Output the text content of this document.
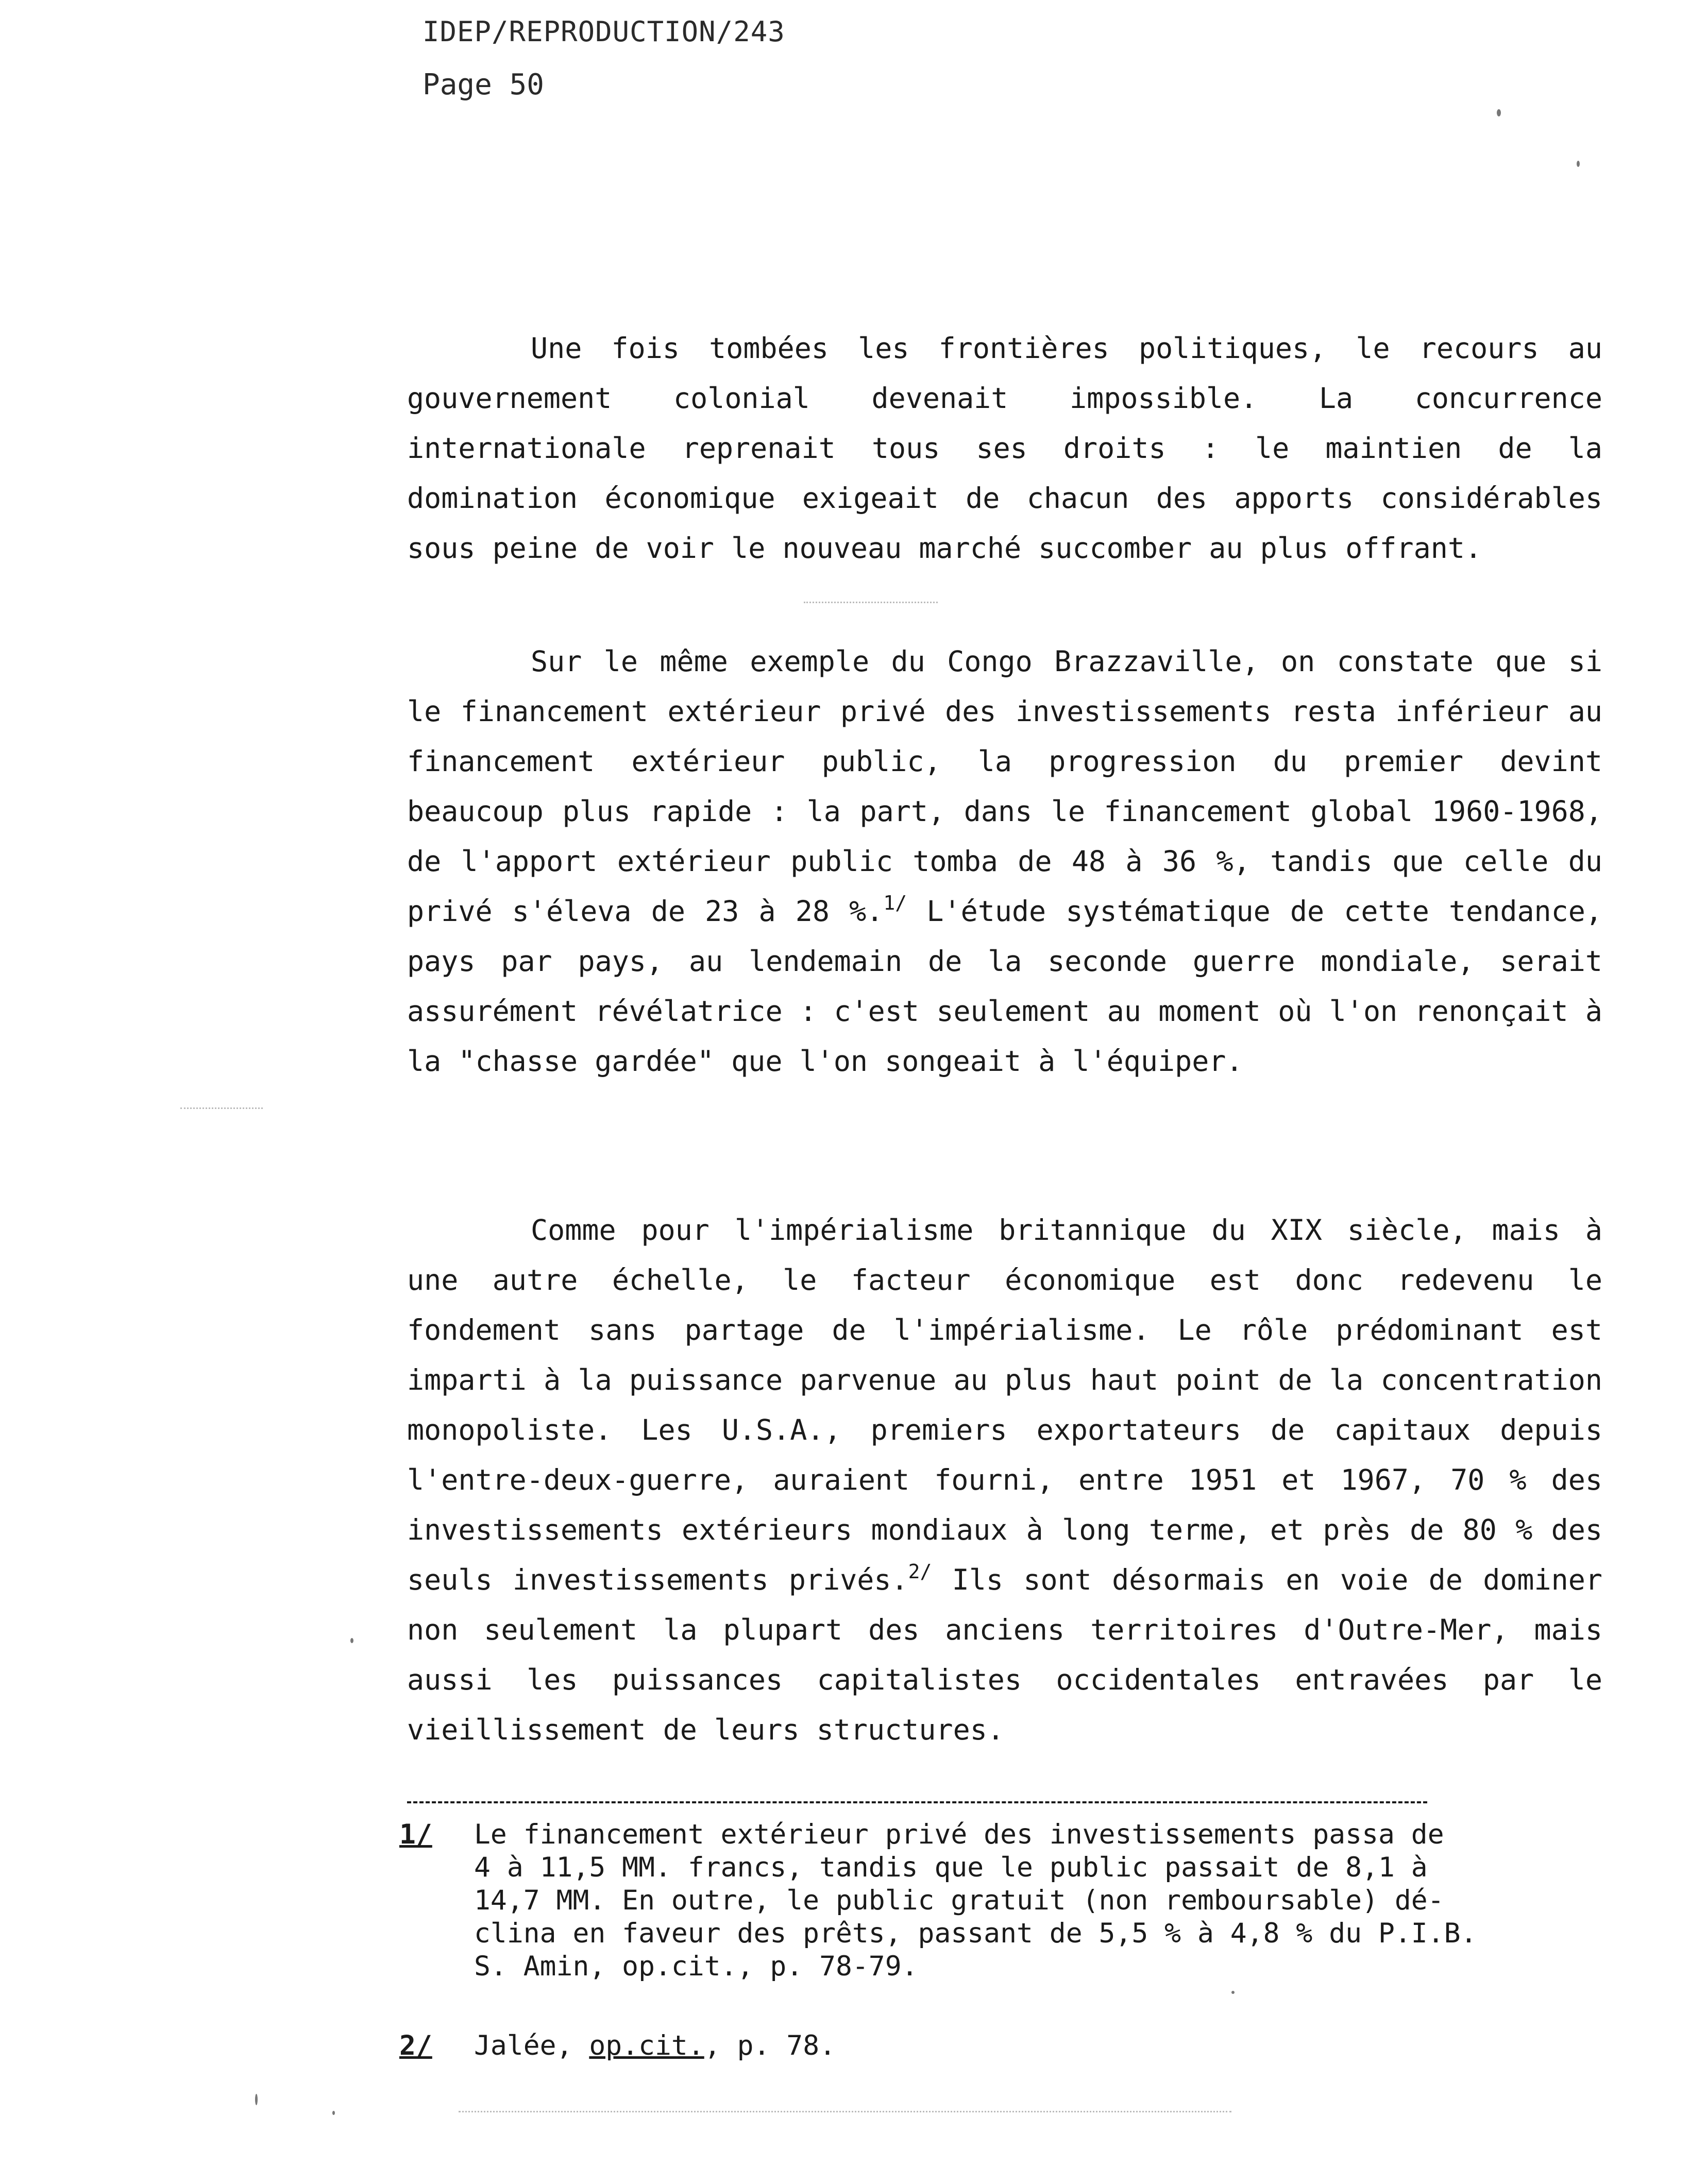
IDEP/REPRODUCTION/243
Page 50

Une fois tombées les frontières politiques, le recours au gouvernement colonial devenait impossible. La concurrence internationale reprenait tous ses droits : le maintien de la domination économique exigeait de chacun des apports considérables sous peine de voir le nouveau marché succomber au plus offrant.

Sur le même exemple du Congo Brazzaville, on constate que si le financement extérieur privé des investissements resta inférieur au financement extérieur public, la progression du premier devint beaucoup plus rapide : la part, dans le financement global 1960-1968, de l'apport extérieur public tomba de 48 à 36 %, tandis que celle du privé s'éleva de 23 à 28 %.$^{1/}$ L'étude systématique de cette tendance, pays par pays, au lendemain de la seconde guerre mondiale, serait assurément révélatrice : c'est seulement au moment où l'on renonçait à la "chasse gardée" que l'on songeait à l'équiper.

Comme pour l'impérialisme britannique du XIX siècle, mais à une autre échelle, le facteur économique est donc redevenu le fondement sans partage de l'impérialisme. Le rôle prédominant est imparti à la puissance parvenue au plus haut point de la concentration monopoliste. Les U.S.A., premiers exportateurs de capitaux depuis l'entre-deux-guerre, auraient fourni, entre 1951 et 1967, 70 % des investissements extérieurs mondiaux à long terme, et près de 80 % des seuls investissements privés.$^{2/}$ Ils sont désormais en voie de dominer non seulement la plupart des anciens territoires d'Outre-Mer, mais aussi les puissances capitalistes occidentales entravées par le vieillissement de leurs structures.

1/	Le financement extérieur privé des investissements passa de
4 à 11,5 MM. francs, tandis que le public passait de 8,1 à
14,7 MM. En outre, le public gratuit (non remboursable) dé-
clina en faveur des prêts, passant de 5,5 % à 4,8 % du P.I.B.
S. Amin, op.cit., p. 78-79.
2/	Jalée, op.cit., p. 78.
